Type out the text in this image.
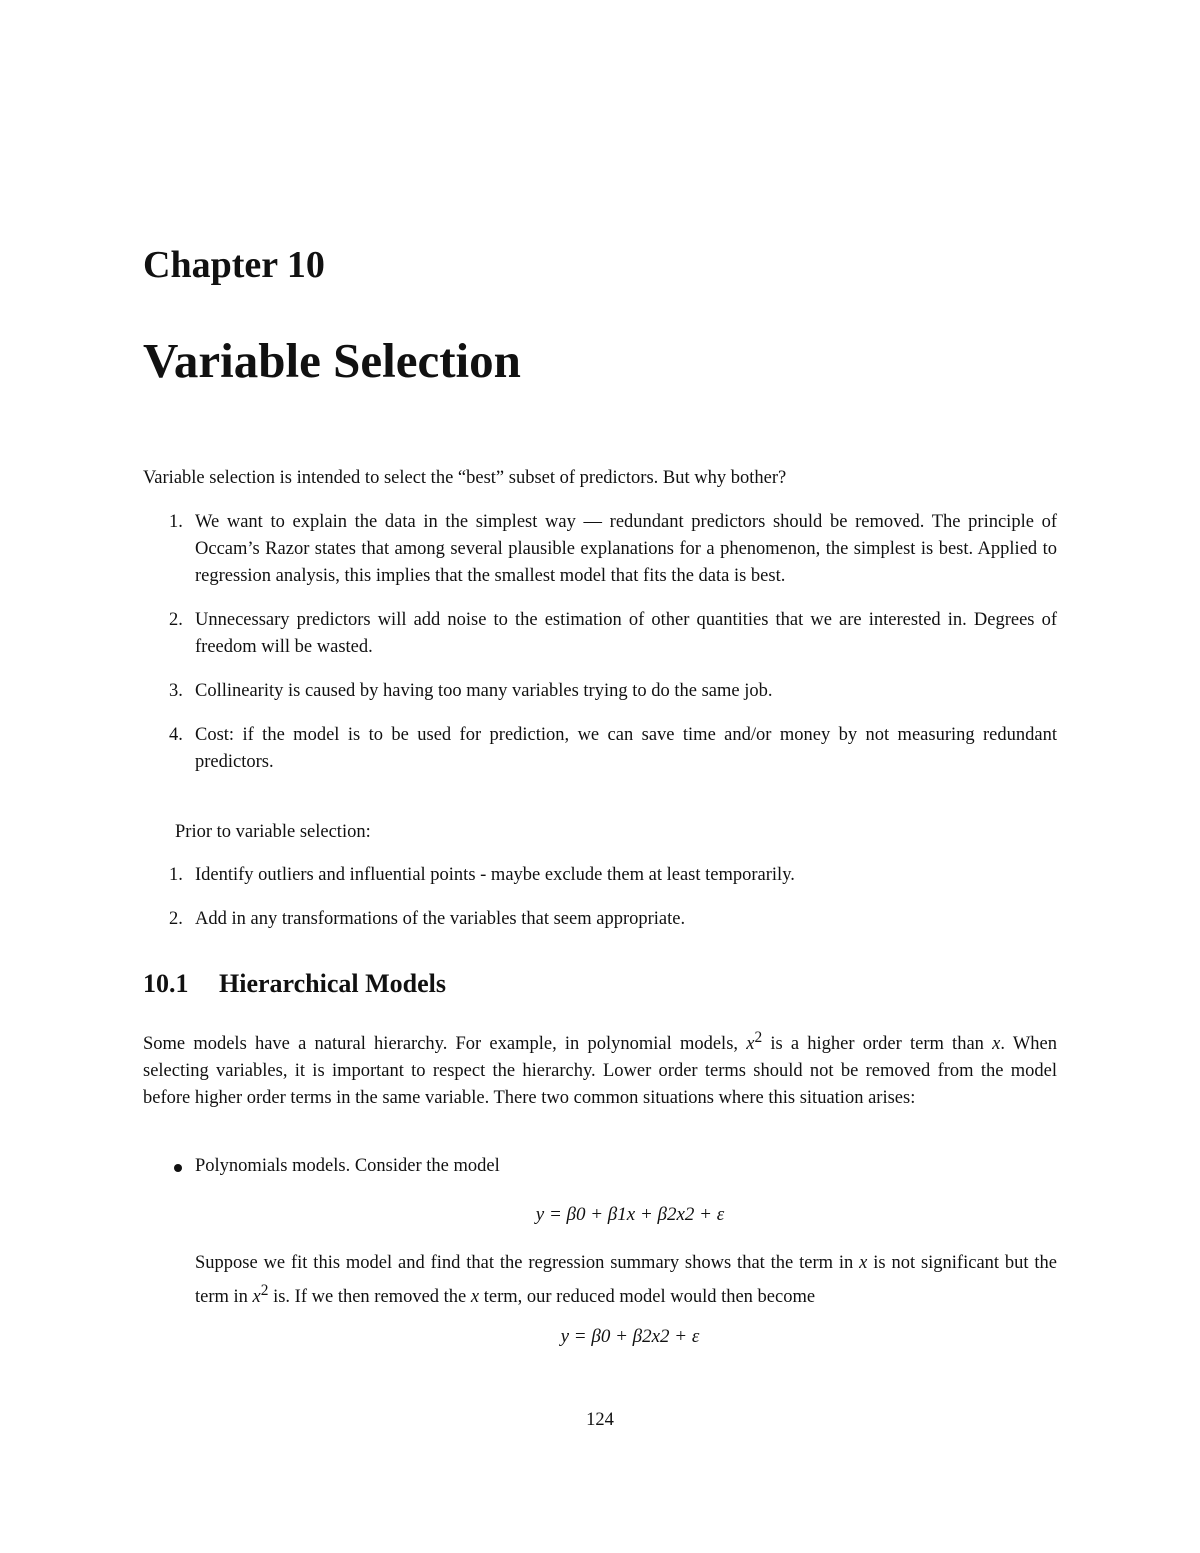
Chapter 10
Variable Selection
Variable selection is intended to select the “best” subset of predictors. But why bother?
1. We want to explain the data in the simplest way — redundant predictors should be removed. The principle of Occam’s Razor states that among several plausible explanations for a phenomenon, the simplest is best. Applied to regression analysis, this implies that the smallest model that fits the data is best.
2. Unnecessary predictors will add noise to the estimation of other quantities that we are interested in. Degrees of freedom will be wasted.
3. Collinearity is caused by having too many variables trying to do the same job.
4. Cost: if the model is to be used for prediction, we can save time and/or money by not measuring redundant predictors.
Prior to variable selection:
1. Identify outliers and influential points - maybe exclude them at least temporarily.
2. Add in any transformations of the variables that seem appropriate.
10.1 Hierarchical Models
Some models have a natural hierarchy. For example, in polynomial models, $x^2$ is a higher order term than x. When selecting variables, it is important to respect the hierarchy. Lower order terms should not be removed from the model before higher order terms in the same variable. There two common situations where this situation arises:
Polynomials models. Consider the model
y = β0 + β1x + β2x2 + ε
Suppose we fit this model and find that the regression summary shows that the term in x is not significant but the term in $x^2$ is. If we then removed the x term, our reduced model would then become
y = β0 + β2x2 + ε
124
